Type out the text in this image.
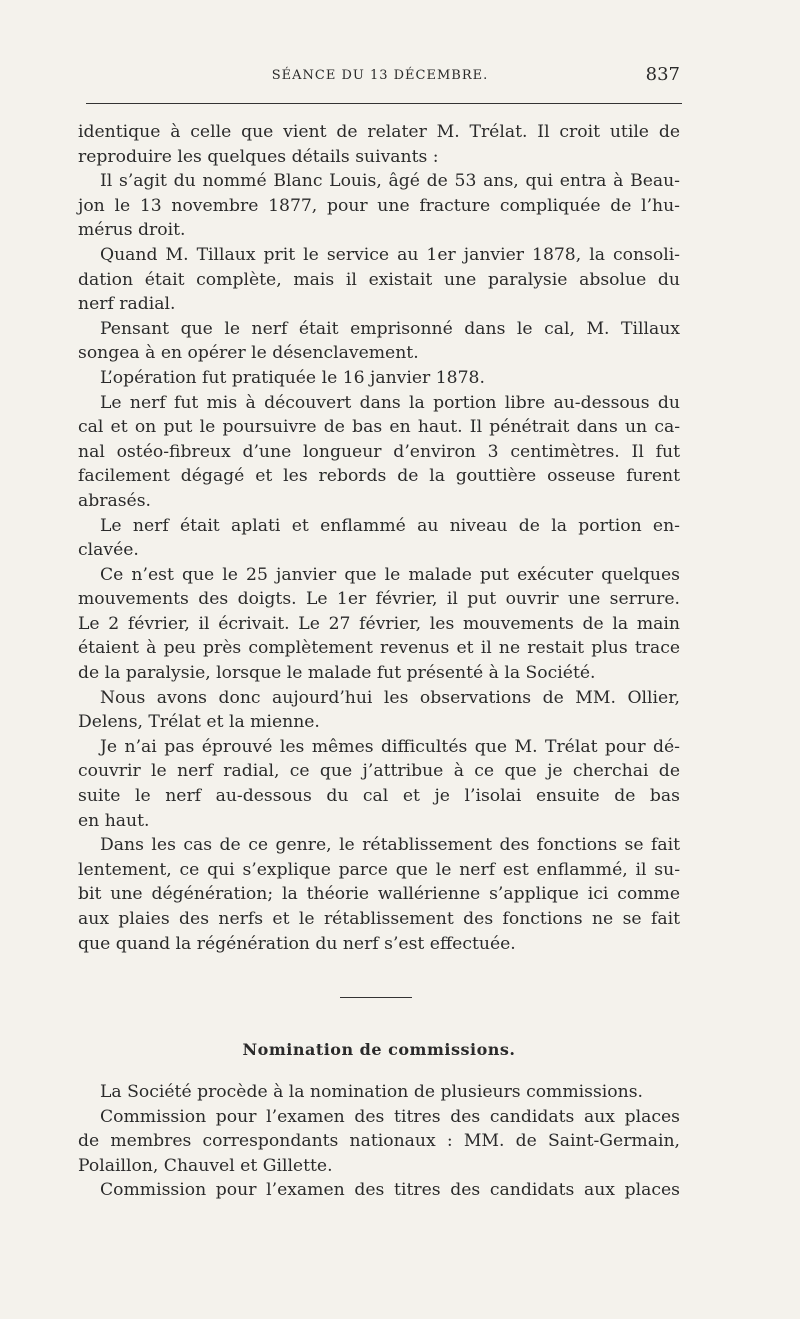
SÉANCE DU 13 DÉCEMBRE.	837
identique à celle que vient de relater M. Trélat. Il croit utile de
reproduire les quelques détails suivants :
Il s’agit du nommé Blanc Louis, âgé de 53 ans, qui entra à Beau-
jon le 13 novembre 1877, pour une fracture compliquée de l’hu-
mérus droit.
Quand M. Tillaux prit le service au 1er janvier 1878, la consoli-
dation était complète, mais il existait une paralysie absolue du
nerf radial.
Pensant que le nerf était emprisonné dans le cal, M. Tillaux
songea à en opérer le désenclavement.
L’opération fut pratiquée le 16 janvier 1878.
Le nerf fut mis à découvert dans la portion libre au-dessous du
cal et on put le poursuivre de bas en haut. Il pénétrait dans un ca-
nal ostéo-fibreux d’une longueur d’environ 3 centimètres. Il fut
facilement dégagé et les rebords de la gouttière osseuse furent
abrasés.
Le nerf était aplati et enflammé au niveau de la portion en-
clavée.
Ce n’est que le 25 janvier que le malade put exécuter quelques
mouvements des doigts. Le 1er février, il put ouvrir une serrure.
Le 2 février, il écrivait. Le 27 février, les mouvements de la main
étaient à peu près complètement revenus et il ne restait plus trace
de la paralysie, lorsque le malade fut présenté à la Société.
Nous avons donc aujourd’hui les observations de MM. Ollier,
Delens, Trélat et la mienne.
Je n’ai pas éprouvé les mêmes difficultés que M. Trélat pour dé-
couvrir le nerf radial, ce que j’attribue à ce que je cherchai de
suite le nerf au-dessous du cal et je l’isolai ensuite de bas
en haut.
Dans les cas de ce genre, le rétablissement des fonctions se fait
lentement, ce qui s’explique parce que le nerf est enflammé, il su-
bit une dégénération; la théorie wallérienne s’applique ici comme
aux plaies des nerfs et le rétablissement des fonctions ne se fait
que quand la régénération du nerf s’est effectuée.
Nomination de commissions.
La Société procède à la nomination de plusieurs commissions.
Commission pour l’examen des titres des candidats aux places
de membres correspondants nationaux : MM. de Saint-Germain,
Polaillon, Chauvel et Gillette.
Commission pour l’examen des titres des candidats aux places
